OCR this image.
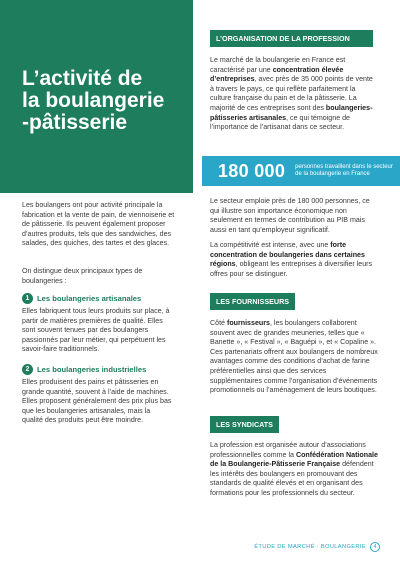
L’activité de
la boulangerie
-pâtisserie

Les boulangers ont pour activité principale la fabrication et la vente de pain, de viennoiserie et de pâtisserie. Ils peuvent également proposer d’autres produits, tels que des sandwiches, des salades, des quiches, des tartes et des glaces.

On distingue deux principaux types de boulangeries :

1 Les boulangeries artisanales

Elles fabriquent tous leurs produits sur place, à partir de matières premières de qualité. Elles sont souvent tenues par des boulangers passionnés par leur métier, qui perpétuent les savoir-faire traditionnels.

2 Les boulangeries industrielles

Elles produisent des pains et pâtisseries en grande quantité, souvent à l’aide de machines. Elles proposent généralement des prix plus bas que les boulangeries artisanales, mais la qualité des produits peut être moindre.

L’ORGANISATION DE LA PROFESSION

Le marché de la boulangerie en France est caractérisé par une concentration élevée d’entreprises, avec près de 35 000 points de vente à travers le pays, ce qui reflète parfaitement la culture française du pain et de la pâtisserie. La majorité de ces entreprises sont des boulangeries-pâtisseries artisanales, ce qui témoigne de l’importance de l’artisanat dans ce secteur.

180 000 personnes travaillent dans le secteur de la boulangerie en France

Le secteur emploie près de 180 000 personnes, ce qui illustre son importance économique non seulement en termes de contribution au PIB mais aussi en tant qu’employeur significatif.

La compétitivité est intense, avec une forte concentration de boulangeries dans certaines régions, obligeant les entreprises à diversifier leurs offres pour se distinguer.

LES FOURNISSEURS

Côté fournisseurs, les boulangers collaborent souvent avec de grandes meuneries, telles que « Banette », « Festival », « Baguépi », et « Copaline ». Ces partenariats offrent aux boulangers de nombreux avantages comme des conditions d’achat de farine préférentielles ainsi que des services supplémentaires comme l’organisation d’événements promotionnels ou l’aménagement de leurs boutiques.

LES SYNDICATS

La profession est organisée autour d’associations professionnelles comme la Confédération Nationale de la Boulangerie-Pâtisserie Française défendent les intérêts des boulangers en promouvant des standards de qualité élevés et en organisant des formations pour les professionnels du secteur.

ÉTUDE DE MARCHÉ · BOULANGERIE	4
